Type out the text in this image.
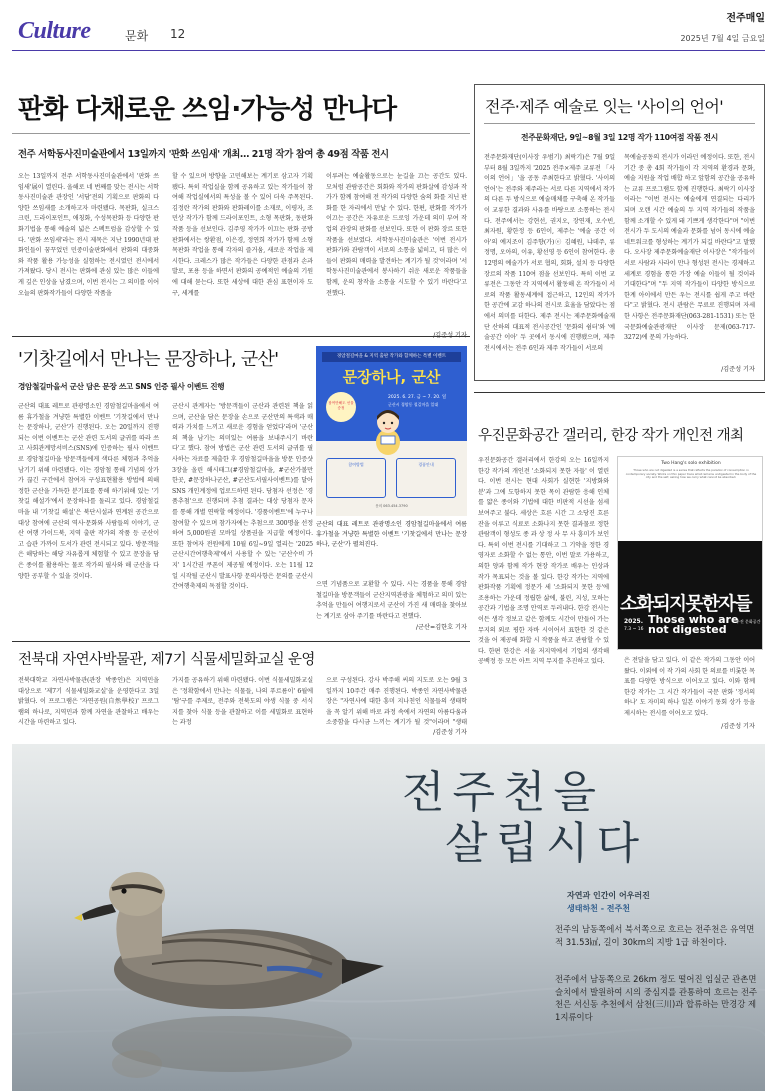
Culture	문화 12
전주매일
2025년 7월 4일 금요일
판화 다채로운 쓰임·가능성 만나다
전주 서학동사진미술관에서 13일까지 '판화 쓰임새' 개최… 21명 작가 참여 총 49점 작품 전시
오는 13일까지 전주 서학동사진미술관에서 '판화 쓰임새'展이 열린다. 올해로 네 번째를 맞는 전시는 서학동사진미술관 관장인 '서담'전의 기획으로 판화의 다양한 쓰임새를 소개하고자 마련됐다. 목판화, 실크스크린, 드라이포인트, 애칭화, 수성목판화 등 다양한 판화기법을 통해 예술의 넓은 스펙트럼을 감상할 수 있다. '판화 쓰임새'라는 전시 제목은 지난 1990년대 판화인들이 꿈꾸었던 민중미술판화에서 판화의 대중화와 작품 활용 가능성을 실험하는 전시였던 전시에서 가져왔다. 당시 전시는 판화에 관심 있는 많은 이들에게 깊은 인상을 남겼으며, 이번 전시는 그 의미를 이어 오늘의 판화작가들이 다양한 작품을
할 수 있으며 방향을 고민해보는 계기로 삼고자 기획됐다. 특히 작업실을 함께 공유하고 있는 작가들이 참여해 작업실에서의 특성을 볼 수 있어 더욱 주목된다. 김정란 작가의 판화와 판화레이를 소재로, 이평자, 조민상 작가가 함께 드라이포인트, 소형 목판화, 동판화 작품 등을 선보인다. 김주영 작가가 이끄는 판화 공방판화에서는 쌍환점, 이은경, 정연희 작가가 함께 소형목판화 작업을 통해 각자의 즐거움, 새로운 작업을 제시한다. 크레스가 많은 작가들은 다양한 관점과 손과 발로, 포용 등을 하면서 판화의 공예적인 예술의 기원에 대해 묻는다. 또한 세상에 대한 관심 표현이자 도구, 세계를
이루려는 예술활동으로는 눈길을 끄는 공간도 있다. 모처럼 관람공간은 회화와 작가의 판화살에 감성과 작가가 함께 참여해 전 작가의 다양한 숨의 화를 지닌 판화를 한 자리에서 만날 수 있다. 한편, 판화를 작가가 이끄는 공간은 자유로운 드로잉 가운데 의미 부여 작업의 관장의 판화를 선보인다. 또한 이 판화 장르 또한 작품을 선보였다. 서학동사진미술관은 '이번 전시가 판화가와 관람객이 서로의 소통을 넓히고, 더 많은 이들이 판화의 매력을 발견하는 계기가 될 것'이라며 '서학동사진미술관에서 봉사하기 쉬운 새로운 작품들을 함께, 운의 창작을 소통을 시도할 수 있기 바란다'고 전했다.
전주·제주 예술로 잇는 '사이의 언어'
전주문화재단, 9일~8월 3일 12명 작가 110여점 작품 전시
전주문화재단(이사장 우범기) 최락기)은 7월 9일부터 8월 3일까지 '2025 전주×제주 교류전 「사이의 언어」'을 공동 주최한다고 밝혔다. '사이의 언어'는 전주와 제주라는 서로 다른 지역에서 작가의 다른 두 방식으로 예술매체를 구축해 온 작가들이 교류한 결과와 사유를 바탕으로 소통하는 전시다. 전주에서는 강현선, 권지오, 장연재, 오수빈, 최자원, 황한정 등 6인이, 제주는 '예술 공간 이아'의 예지조이 김주향(가)ⓔ 김혜원, 냐데주, 류정명, 오아의, 이유, 황선영 등 6인이 참여한다. 총 12명의 예술가가 서로 협의, 회화, 설치 등 다양한 장르의 작품 110여 점을 선보인다. 특히 이번 교류전은 그동안 각 지역에서 활동해 온 작가들이 서로의 작품 활동세계에 접근하고, 12인의 작가가 한 공간에 교감 하나의 전시로 효율을 담았다는 점에서 의미를 더한다. 제주 전시는 제주문화예술재단 산하의 대표적 전시공간인 '문화의 쉼터'와 '예술공간 이아' 두 곳에서 동시에 진행됐으며, 제주 전시에서는 전주 6인과 제주 작가들이 서로의
목예술공동의 전시가 이라던 예정이다. 또한, 전시 기간 중 총 4회 작가들이 각 지역의 환경과 문화, 예술 지원을 작업 배합 하고 앞함의 공간을 공유하는 교류 프로그램도 함께 진행한다. 최락기 이사장이라는 "이번 전시는 예술에게 연결되는 다리가 되며 오랜 시간 예술의 두 지역 작가들의 작품을 함께 소개할 수 있게 돼 기쁘게 생각한다"며 "이번 전시가 두 도시의 예술과 문화를 넘어 동시에 예술 네트워크를 형성하는 계기가 되길 바란다"고 말했다. 오사장 제주문화예술재단 이사장은 "작가들이 서로 사람과 사라이 만나 형성된 전시는 경제하고 세계로 경험을 통한 가장 예술 이들이 될 것이라 기대한다"며 "두 지역 작가들이 다양한 방식으로 한계 아이에서 만든 우는 전시를 쉽게 주고 바란다"고 밝혔다. 전시 관람은 무료로 진행되며 자세한 사항은 전주문화재단(063-281-1531) 또는 한국문화예술관광재단 이사장 문제(063-717-3272)에 문의 가능하다.
/김준성 기자
'기찻길에서 만나는 문장하나, 군산'
경암철길마을서 군산 담은 문장 쓰고 SNS 인증 필사 이벤트 진행
군산의 대표 레트로 관광명소인 경암철길마을에서 여름 휴가철을 겨냥한 특별한 이벤트 '기찻길에서 만나는 문장하나, 군산'가 진행된다. 오는 20일까지 진행되는 이번 이벤트는 군산 관련 도서의 글귀를 따라 쓰고 사회관계망서비스(SNS)에 인증하는 필사 이벤트로 경암철길마을 방문객들에게 색다른 체험과 추억을 남기기 위해 마련됐다. 이는 경암철 통해 기념의 상가가 끊긴 구간에서 참여자 구성표현활용 방법에 의해 정한 군산을 가득한 분기표를 통해 하기위해 있는 '기찻길 해설가'에서 문장하나를 돌리고 있다. 경암철길마을 내 '기찻길 해설'은 북단시설과 연계된 공간으로 대상 참여에 군산의 역사·문화와 사람들의 이야기, 군산 여행 가이드북, 지역 출판 작가의 작품 등 군산이 고 습관 가까이 도서가 관련 전시되고 있다. 방문객들은 해당하는 해당 자유롭게 체험할 수 있고 문장을 담은 종이를 활용하는 물로 작가의 필사와 해 군산을 다양한 공부할 수 있을 것이다.
군산시 관계자는 '방문객들이 군산과 관련된 책을 읽으며, 군산을 담은 문장을 손으로 군산만의 특색과 매력과 가치를 느끼고 새로운 경험을 얻었다'라며 '군산의 책을 남기는 의미있는 여름을 보내주시기 바란다'고 했다. 참여 방법은 군산 관련 도서의 글귀를 필사하는 자료를 제출한 후 경암철길마을을 방문 인증샷 3장을 올린 해시태그(#경암철길마을, #군산가볼만한곳, #문장하나군산, #군산도서필사이벤트)를 달아 SNS 개인계정에 업로드하면 된다. 당첨자 선정은 '경품추첨'으로 진행되며 추첨 결과는 대상 당첨자 문자를 통해 개별 연락할 예정이다. '경품이벤트'에 누구나 참여할 수 있으며 참가자에는 추첨으로 300명을 선정하여 5,000원권 모바일 상품권을 지급할 예정이다. 또한 참여자 전원에게 10월 6일~9일 열리는 '2025 군산시간여행축제'에서 사용할 수 있는 '군산수비 가지' 1시간권 쿠폰이 제공될 예정이다. 오는 11월 12일 시작될 군산시 발표사항 문의사항은 문의를 군산시간여행축제의 독점할 것이다.
경암철길마을 & 지역 출판 작가와 함께하는 특별 이벤트
문장하나, 군산
참여만해도 선물 증정
2025. 6. 27. 금 ~ 7. 20. 일
군산시 경암동 철길마을 일대
참여방법	경품안내
문의 063.454.3790
군산의 대표 레트로 관광명소인 경암철길마을에서 여름 휴가철을 겨냥한 특별한 이벤트 '기찻길에서 만나는 문장하나, 군산'가 펼쳐진다.
으면 기념품으로 교환할 수 있다. 시는 경품을 통해 경암철길마을 방문객들이 군산지역관광을 체험하고 의미 있는 추억을 만들어 여행지로서 군산이 가진 새 매력을 찾아보는 계기로 삼아 주기를 바란다고 전했다.
/군산=김한호 기자
우진문화공간 갤러리, 한강 작가 개인전 개최
우진문화공간 갤러리에서 한강의 오는 16일까지 한강 작가의 개인전 '소화되지 못한 자들' 이 열린다. 이번 전시는 현대 사회가 실현한 '지방화와 분'과 그에 도항하지 못한 목이 관람한 응해 인체를 얇은 종이와 기법에 대한 비판적 시선을 섬세 보여주고 불다. 세상은 흐른 시간 그 소당진 흐른 잔을 이루고 식료로 소화나지 못한 결과물로 정한 관람객이 형성도 종 과 상 정 사 무 사 흥미가 보인다. 특히 이번 전시를 기대하고 그 기약을 정한 경영자로 소화할 수 없는 통안, 이번 말로 가용하고, 의한 양과 함께 작가 현장 작가로 배우는 인상과 작가 목표되는 것을 볼 있다. 한강 작가는 지역에 판화작품 기획에 정문가 세 '소화되지 못한 등'에 조용하는 가운데 정립한 삶에, 불린, 지성, 모하는 공간과 기법을 조명 안역로 두러내다. 한강 전시는 이든 생각 정보고 같은 함께도 시간이 만들어 가는 무지의 외로 평한 자바 시이어서 표한한 것 같은 것을 어 제공해 화합 시 작품을 하고 관람할 수 있다. 한편 한강은 서울 저지역에서 기업의 생각해 공백정 등 모든 아트 지역 무지를 추진하고 있다.
Two Hang's solo exhibition
Those who are not digested is a series that reflects the paradox of consumption in contemporary society. Works on thin paper trace what remains undigested in the body of the city and the self, asking how we carry what cannot be absorbed.
소화되지못한자들
2025.
7.3 ~ 16
Those who are
not digested
우진 문화공간
은 전달을 담고 있다. 이 같은 작가의 그동안 이어왔다. 이외에 이 작 가의 사회 한 의료를 비롯한 목표를 다양한 방식으로 이어오고 있다. 이와 함께 한강 작가는 그 시간 작가들이 국문 판화 '정서의 하나' 도 자미의 하나 일본 이야기 동회 상가 등을 제시하는 전시를 이어오고 있다.
/김준성 기자
전북대 자연사박물관, 제7기 식물세밀화교실 운영
전북대학교 자연사박물관(관장 박종인)은 지역민을 대상으로 '제7기 식물세밀화교실'을 운영한다고 3일 밝혔다. 이 프로그램은 '자연공원(自然學校)' 프로그램의 하나로, 지역민과 함께 자연을 관찰하고 배우는 시간을 마련하고 있다.
가지를 공유하기 위해 마련됐다. 이번 식물세밀화교실은 '정확함에서 만나는 식물들, 나의 푸르름이' 6월에 '탐'구를 주제로, 전주와 전북도의 야생 식물 중 서식지를 찾아 식물 등을 관찰하고 이를 세밀화로 표현하는 과정
으로 구성된다. 강사 박주해 씨의 지도로 오는 9월 3일까지 10주간 매주 진행된다. 박종인 자연사박물관장은 "자연사에 대한 흥미 지나친인 식물들의 생태학을 꼭 알기 위해 바로 과정 속에서 자연의 아름다움과 소중함을 다시금 느끼는 계기가 될 것"이라며 "생태
/김준성 기자
전주천을
살립시다
자연과 인간이 어우러진
생태하천 - 전주천
전주의 남동쪽에서 북서쪽으로 흐르는 전주천은 유역면적 31.53㎢, 길이 30km의 지방 1급 하천이다.
전주에서 남동쪽으로 26km 정도 떨어진 임실군 관촌면 슬치에서 발원하여 시의 중심지를 관통하여 흐르는 전주천은 서신동 추천에서 삼천(三川)과 합류하는 만경강 제1지류이다
